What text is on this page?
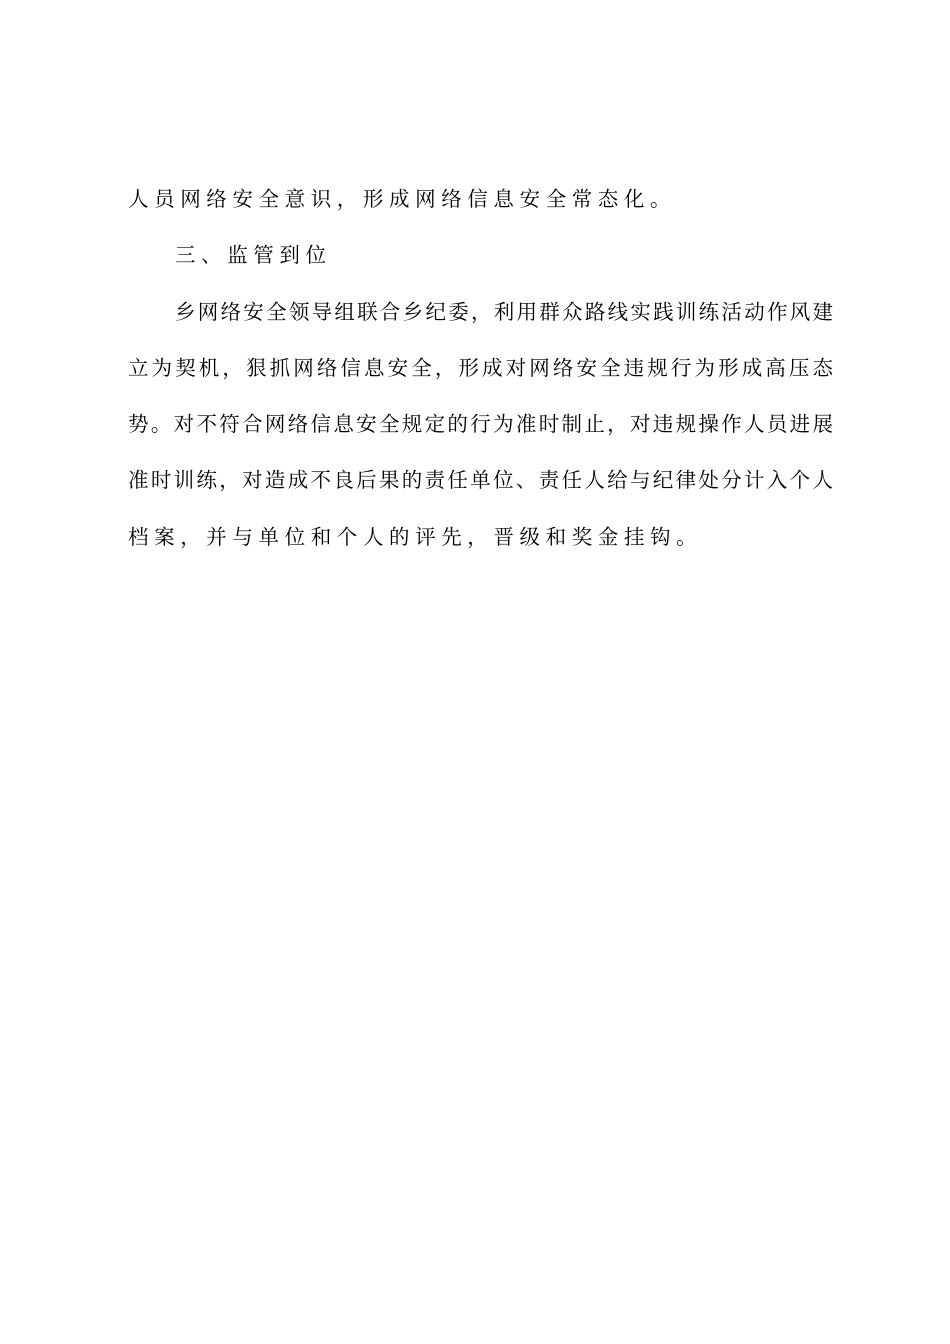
人员网络安全意识，形成网络信息安全常态化。
三、监管到位
乡网络安全领导组联合乡纪委，利用群众路线实践训练活动作风建
立为契机，狠抓网络信息安全，形成对网络安全违规行为形成高压态
势。对不符合网络信息安全规定的行为准时制止，对违规操作人员进展
准时训练，对造成不良后果的责任单位、责任人给与纪律处分计入个人
档案，并与单位和个人的评先，晋级和奖金挂钩。
